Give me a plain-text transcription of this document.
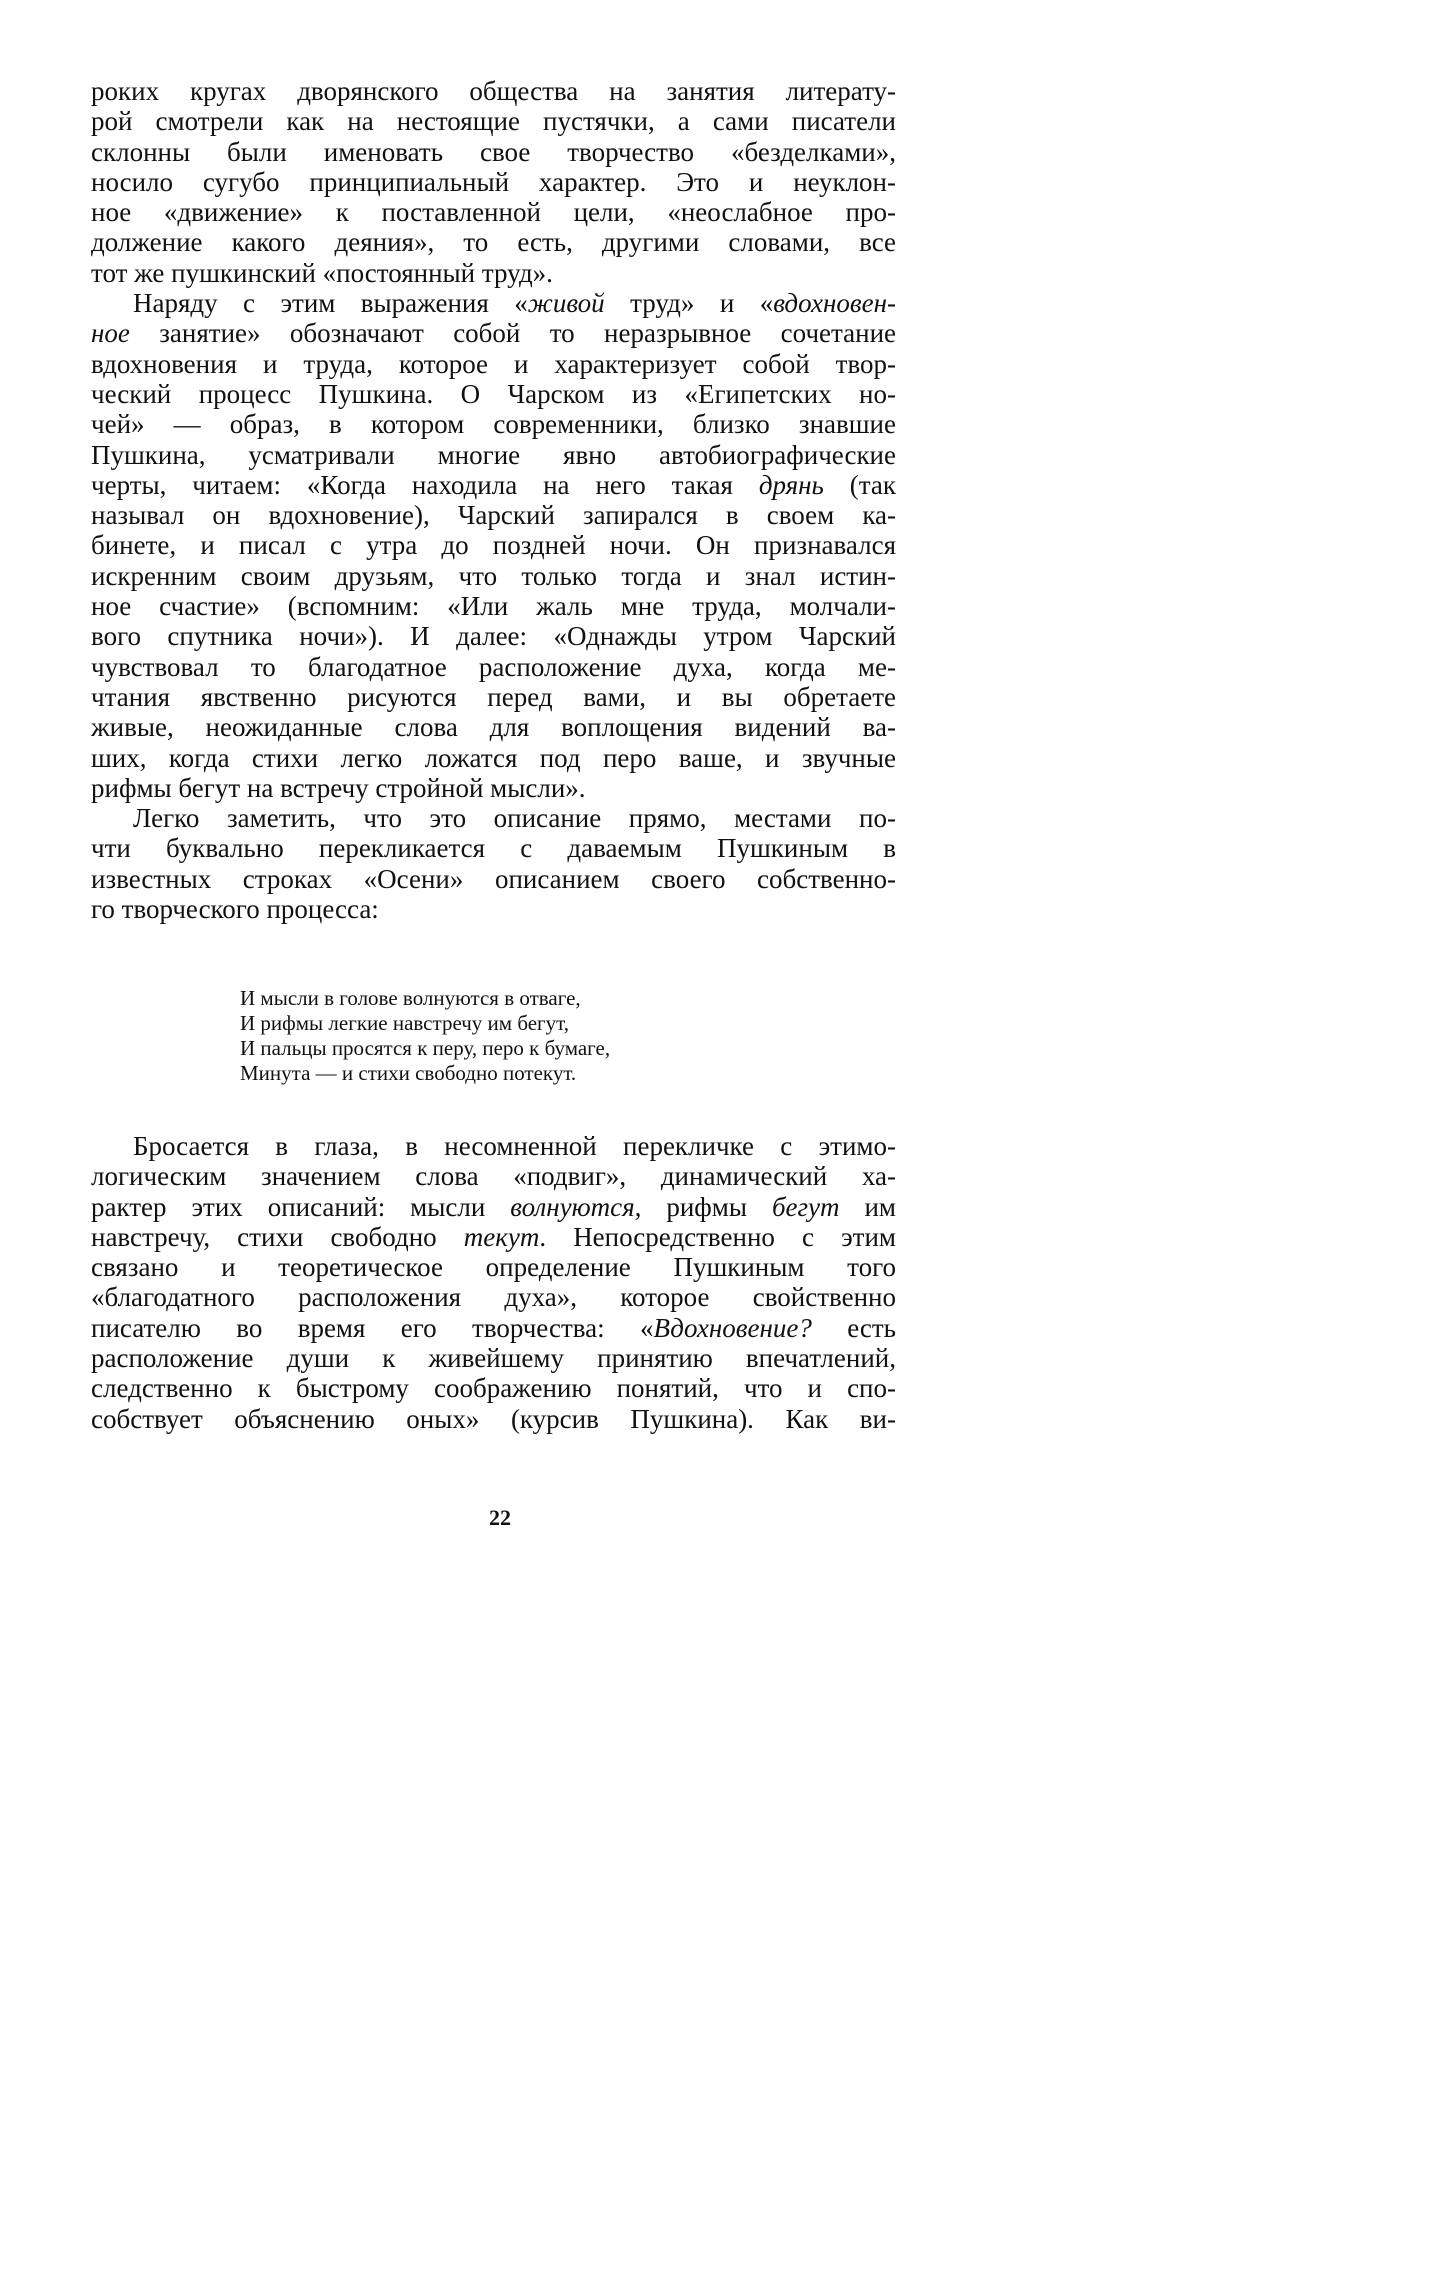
роких кругах дворянского общества на занятия литерату-
рой смотрели как на нестоящие пустячки, а сами писатели
склонны были именовать свое творчество «безделками»,
носило сугубо принципиальный характер. Это и неуклон-
ное «движение» к поставленной цели, «неослабное про-
должение какого деяния», то есть, другими словами, все
тот же пушкинский «постоянный труд».
Наряду с этим выражения «живой труд» и «вдохновен-
ное занятие» обозначают собой то неразрывное сочетание
вдохновения и труда, которое и характеризует собой твор-
ческий процесс Пушкина. О Чарском из «Египетских но-
чей» — образ, в котором современники, близко знавшие
Пушкина, усматривали многие явно автобиографические
черты, читаем: «Когда находила на него такая дрянь (так
называл он вдохновение), Чарский запирался в своем ка-
бинете, и писал с утра до поздней ночи. Он признавался
искренним своим друзьям, что только тогда и знал истин-
ное счастие» (вспомним: «Или жаль мне труда, молчали-
вого спутника ночи»). И далее: «Однажды утром Чарский
чувствовал то благодатное расположение духа, когда ме-
чтания явственно рисуются перед вами, и вы обретаете
живые, неожиданные слова для воплощения видений ва-
ших, когда стихи легко ложатся под перо ваше, и звучные
рифмы бегут на встречу стройной мысли».
Легко заметить, что это описание прямо, местами по-
чти буквально перекликается с даваемым Пушкиным в
известных строках «Осени» описанием своего собственно-
го творческого процесса:
И мысли в голове волнуются в отваге,
И рифмы легкие навстречу им бегут,
И пальцы просятся к перу, перо к бумаге,
Минута — и стихи свободно потекут.
Бросается в глаза, в несомненной перекличке с этимо-
логическим значением слова «подвиг», динамический ха-
рактер этих описаний: мысли волнуются, рифмы бегут им
навстречу, стихи свободно текут. Непосредственно с этим
связано и теоретическое определение Пушкиным того
«благодатного расположения духа», которое свойственно
писателю во время его творчества: «Вдохновение? есть
расположение души к живейшему принятию впечатлений,
следственно к быстрому соображению понятий, что и спо-
собствует объяснению оных» (курсив Пушкина). Как ви-
22
